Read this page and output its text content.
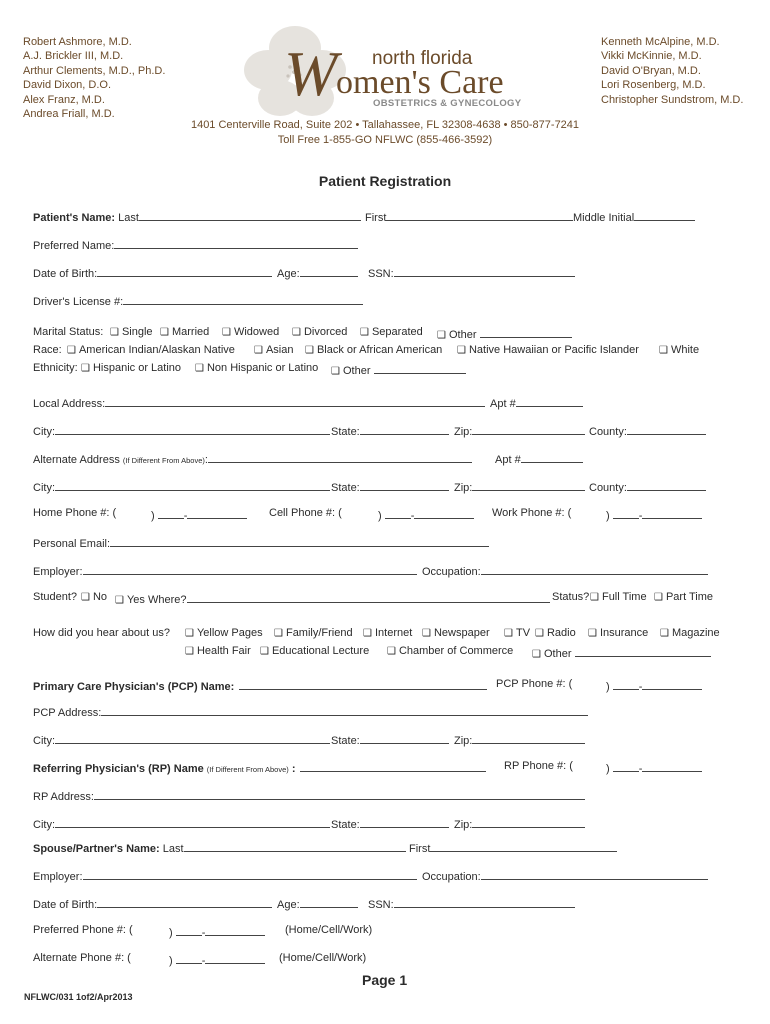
Robert Ashmore, M.D.
A.J. Brickler III, M.D.
Arthur Clements, M.D., Ph.D.
David Dixon, D.O.
Alex Franz, M.D.
Andrea Friall, M.D.
Kenneth McAlpine, M.D.
Vikki McKinnie, M.D.
David O'Bryan, M.D.
Lori Rosenberg, M.D.
Christopher Sundstrom, M.D.
north florida
W
omen's Care
OBSTETRICS & GYNECOLOGY
1401 Centerville Road, Suite 202 • Tallahassee, FL 32308-4638 • 850-877-7241
Toll Free 1-855-GO NFLWC (855-466-3592)
Patient Registration
Patient's Name: Last	First	Middle Initial
Preferred Name:
Date of Birth:	Age:	SSN:
Driver's License #:
Marital Status: ❑ Single ❑ Married ❑ Widowed ❑ Divorced ❑ Separated ❑ Other
Race: ❑ American Indian/Alaskan Native ❑ Asian ❑ Black or African American ❑ Native Hawaiian or Pacific Islander ❑ White
Ethnicity: ❑ Hispanic or Latino ❑ Non Hispanic or Latino ❑ Other
Local Address:	Apt #
City:	State:	Zip:	County:
Alternate Address (If Different From Above):	Apt #
City:	State:	Zip:	County:
Home Phone #: (	)	-	Cell Phone #: (	)	-	Work Phone #: (	)	-
Personal Email:
Employer:	Occupation:
Student? ❑ No ❑ Yes Where?	Status? ❑ Full Time ❑ Part Time
How did you hear about us? ❑ Yellow Pages ❑ Family/Friend ❑ Internet ❑ Newspaper ❑ TV ❑ Radio ❑ Insurance ❑ Magazine
❑ Health Fair ❑ Educational Lecture ❑ Chamber of Commerce ❑ Other
Primary Care Physician's (PCP) Name:	PCP Phone #: (	)	-
PCP Address:
City:	State:	Zip:
Referring Physician's (RP) Name (If Different From Above) :	RP Phone #: (	)	-
RP Address:
City:	State:	Zip:
Spouse/Partner's Name: Last	First
Employer:	Occupation:
Date of Birth:	Age:	SSN:
Preferred Phone #: (	)	-	(Home/Cell/Work)
Alternate Phone #: (	)	-	(Home/Cell/Work)
Page 1
NFLWC/031 1of2/Apr2013
